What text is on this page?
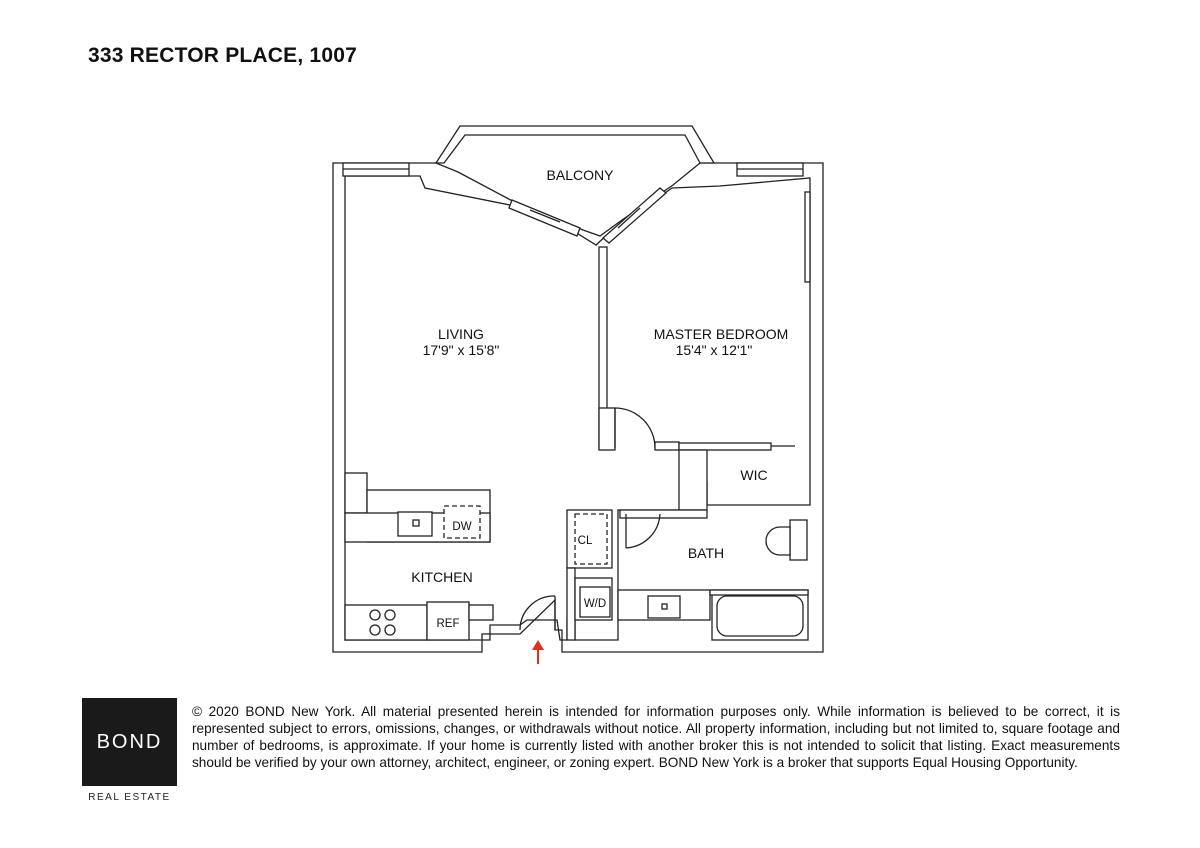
333 RECTOR PLACE, 1007
BALCONY
LIVING
17'9" x 15'8"
MASTER BEDROOM
15'4" x 12'1"
WIC
BATH
KITCHEN
DW
REF
CL
W/D
BOND
REAL ESTATE

© 2020 BOND New York. All material presented herein is intended for information purposes only. While information is believed to be correct, it is represented subject to errors, omissions, changes, or withdrawals without notice. All property information, including but not limited to, square footage and number of bedrooms, is approximate. If your home is currently listed with another broker this is not intended to solicit that listing. Exact measurements should be verified by your own attorney, architect, engineer, or zoning expert. BOND New York is a broker that supports Equal Housing Opportunity.
